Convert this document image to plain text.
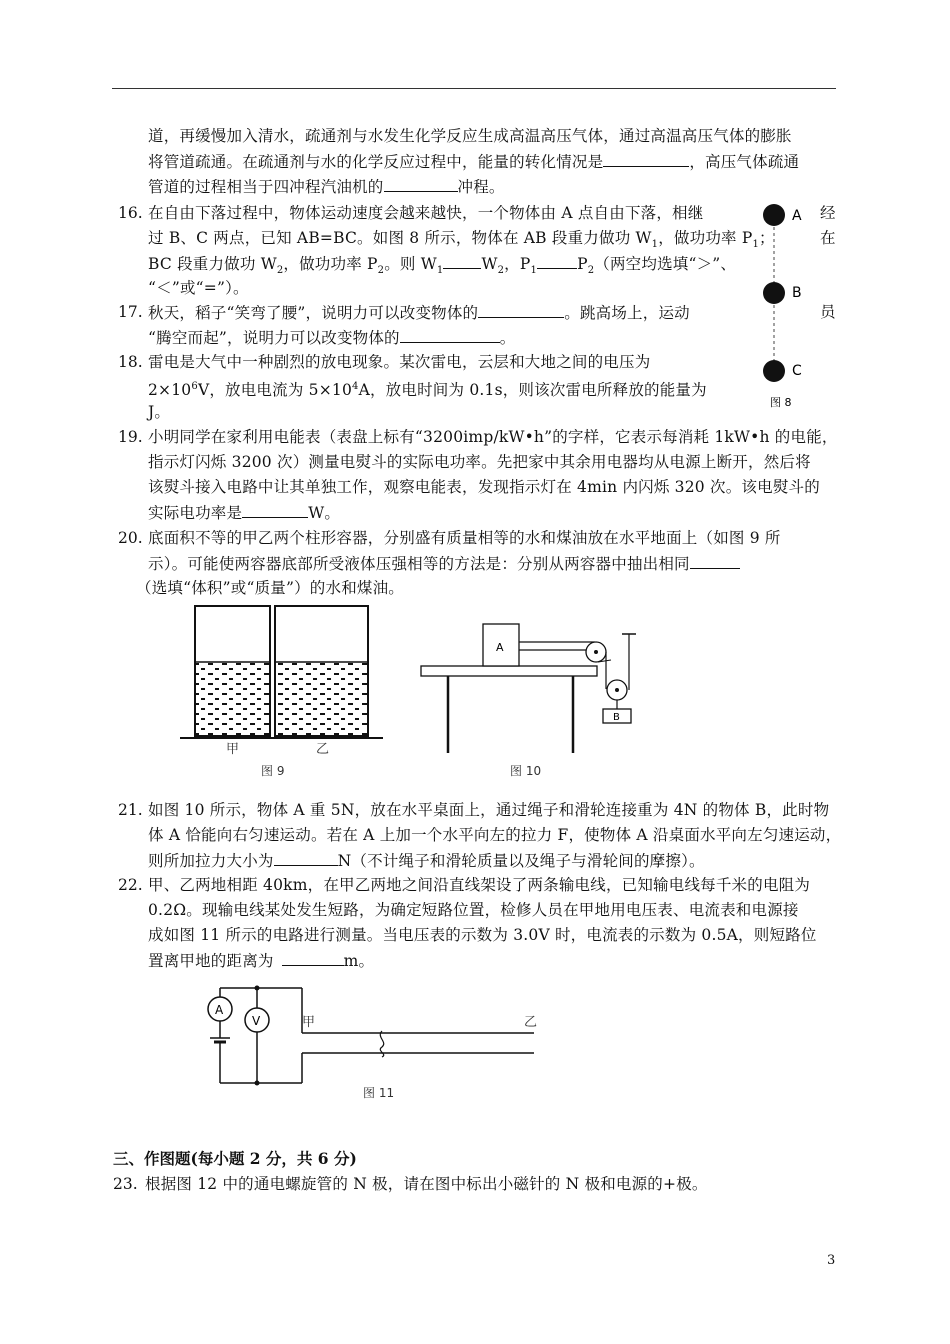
道，再缓慢加入清水，疏通剂与水发生化学反应生成高温高压气体，通过高温高压气体的膨胀
将管道疏通。在疏通剂与水的化学反应过程中，能量的转化情况是	，高压气体疏通
管道的过程相当于四冲程汽油机的	冲程。
16. 在自由下落过程中，物体运动速度会越来越快，一个物体由 A 点自由下落，相继	经
过 B、C 两点，已知 AB=BC。如图 8 所示，物体在 AB 段重力做功 $W_1$，做功功率 $P_1$；	在
BC 段重力做功 $W_2$，做功功率 $P_2$。则 $W_1$ $W_2$，$P_1$	$P_2$（两空均选填“＞”、
“＜”或“=”）。
A
B
C
图 8
17. 秋天，稻子“笑弯了腰”，说明力可以改变物体的	。跳高场上，运动	员
“腾空而起”，说明力可以改变物体的	。
18. 雷电是大气中一种剧烈的放电现象。某次雷电，云层和大地之间的电压为
$2\times 10^6V$，放电电流为 $5\times 10^4A$，放电时间为 0.1s，则该次雷电所释放的能量为
J。
19. 小明同学在家利用电能表（表盘上标有“3200imp/kW•h”的字样，它表示每消耗 1kW•h 的电能，
指示灯闪烁 3200 次）测量电熨斗的实际电功率。先把家中其余用电器均从电源上断开，然后将
该熨斗接入电路中让其单独工作，观察电能表，发现指示灯在 4min 内闪烁 320 次。该电熨斗的
实际电功率是	W。
20. 底面积不等的甲乙两个柱形容器，分别盛有质量相等的水和煤油放在水平地面上（如图 9 所
示）。可能使两容器底部所受液体压强相等的方法是：分别从两容器中抽出相同
（选填“体积”或“质量”）的水和煤油。
甲	乙
图 9
A
B
图 10
21. 如图 10 所示，物体 A 重 5N，放在水平桌面上，通过绳子和滑轮连接重为 4N 的物体 B，此时物
体 A 恰能向右匀速运动。若在 A 上加一个水平向左的拉力 F，使物体 A 沿桌面水平向左匀速运动，
则所加拉力大小为	N（不计绳子和滑轮质量以及绳子与滑轮间的摩擦）。
22. 甲、乙两地相距 40km，在甲乙两地之间沿直线架设了两条输电线，已知输电线每千米的电阻为
0.2Ω。现输电线某处发生短路，为确定短路位置，检修人员在甲地用电压表、电流表和电源接
成如图 11 所示的电路进行测量。当电压表的示数为 3.0V 时，电流表的示数为 0.5A，则短路位
置离甲地的距离为	m。
A
V	甲	乙
图 11
三、作图题(每小题 2 分，共 6 分)
23. 根据图 12 中的通电螺旋管的 N 极，请在图中标出小磁针的 N 极和电源的+极。
3
